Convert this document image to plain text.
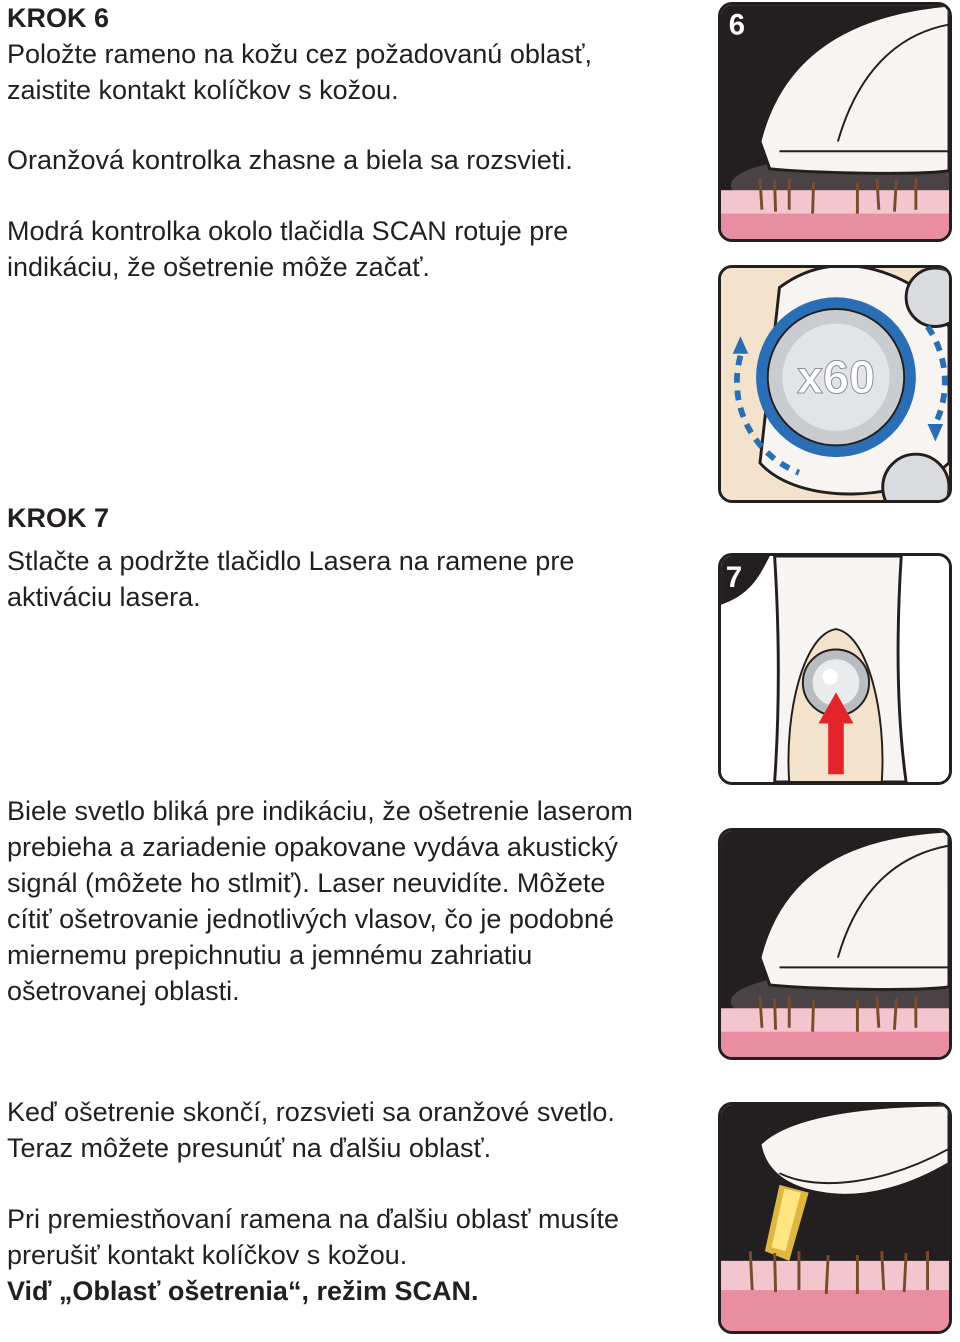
KROK 6
Položte rameno na kožu cez požadovanú oblasť,
zaistite kontakt kolíčkov s kožou.
Oranžová kontrolka zhasne a biela sa rozsvieti.
Modrá kontrolka okolo tlačidla SCAN rotuje pre
indikáciu, že ošetrenie môže začať.
KROK 7
Stlačte a podržte tlačidlo Lasera na ramene pre
aktiváciu lasera.
Biele svetlo bliká pre indikáciu, že ošetrenie laserom
prebieha a zariadenie opakovane vydáva akustický
signál (môžete ho stlmiť). Laser neuvidíte. Môžete
cítiť ošetrovanie jednotlivých vlasov, čo je podobné
miernemu prepichnutiu a jemnému zahriatiu
ošetrovanej oblasti.
Keď ošetrenie skončí, rozsvieti sa oranžové svetlo.
Teraz môžete presunúť na ďalšiu oblasť.
Pri premiestňovaní ramena na ďalšiu oblasť musíte
prerušiť kontakt kolíčkov s kožou.
Viď „Oblasť ošetrenia“, režim SCAN.
6
x60
7
